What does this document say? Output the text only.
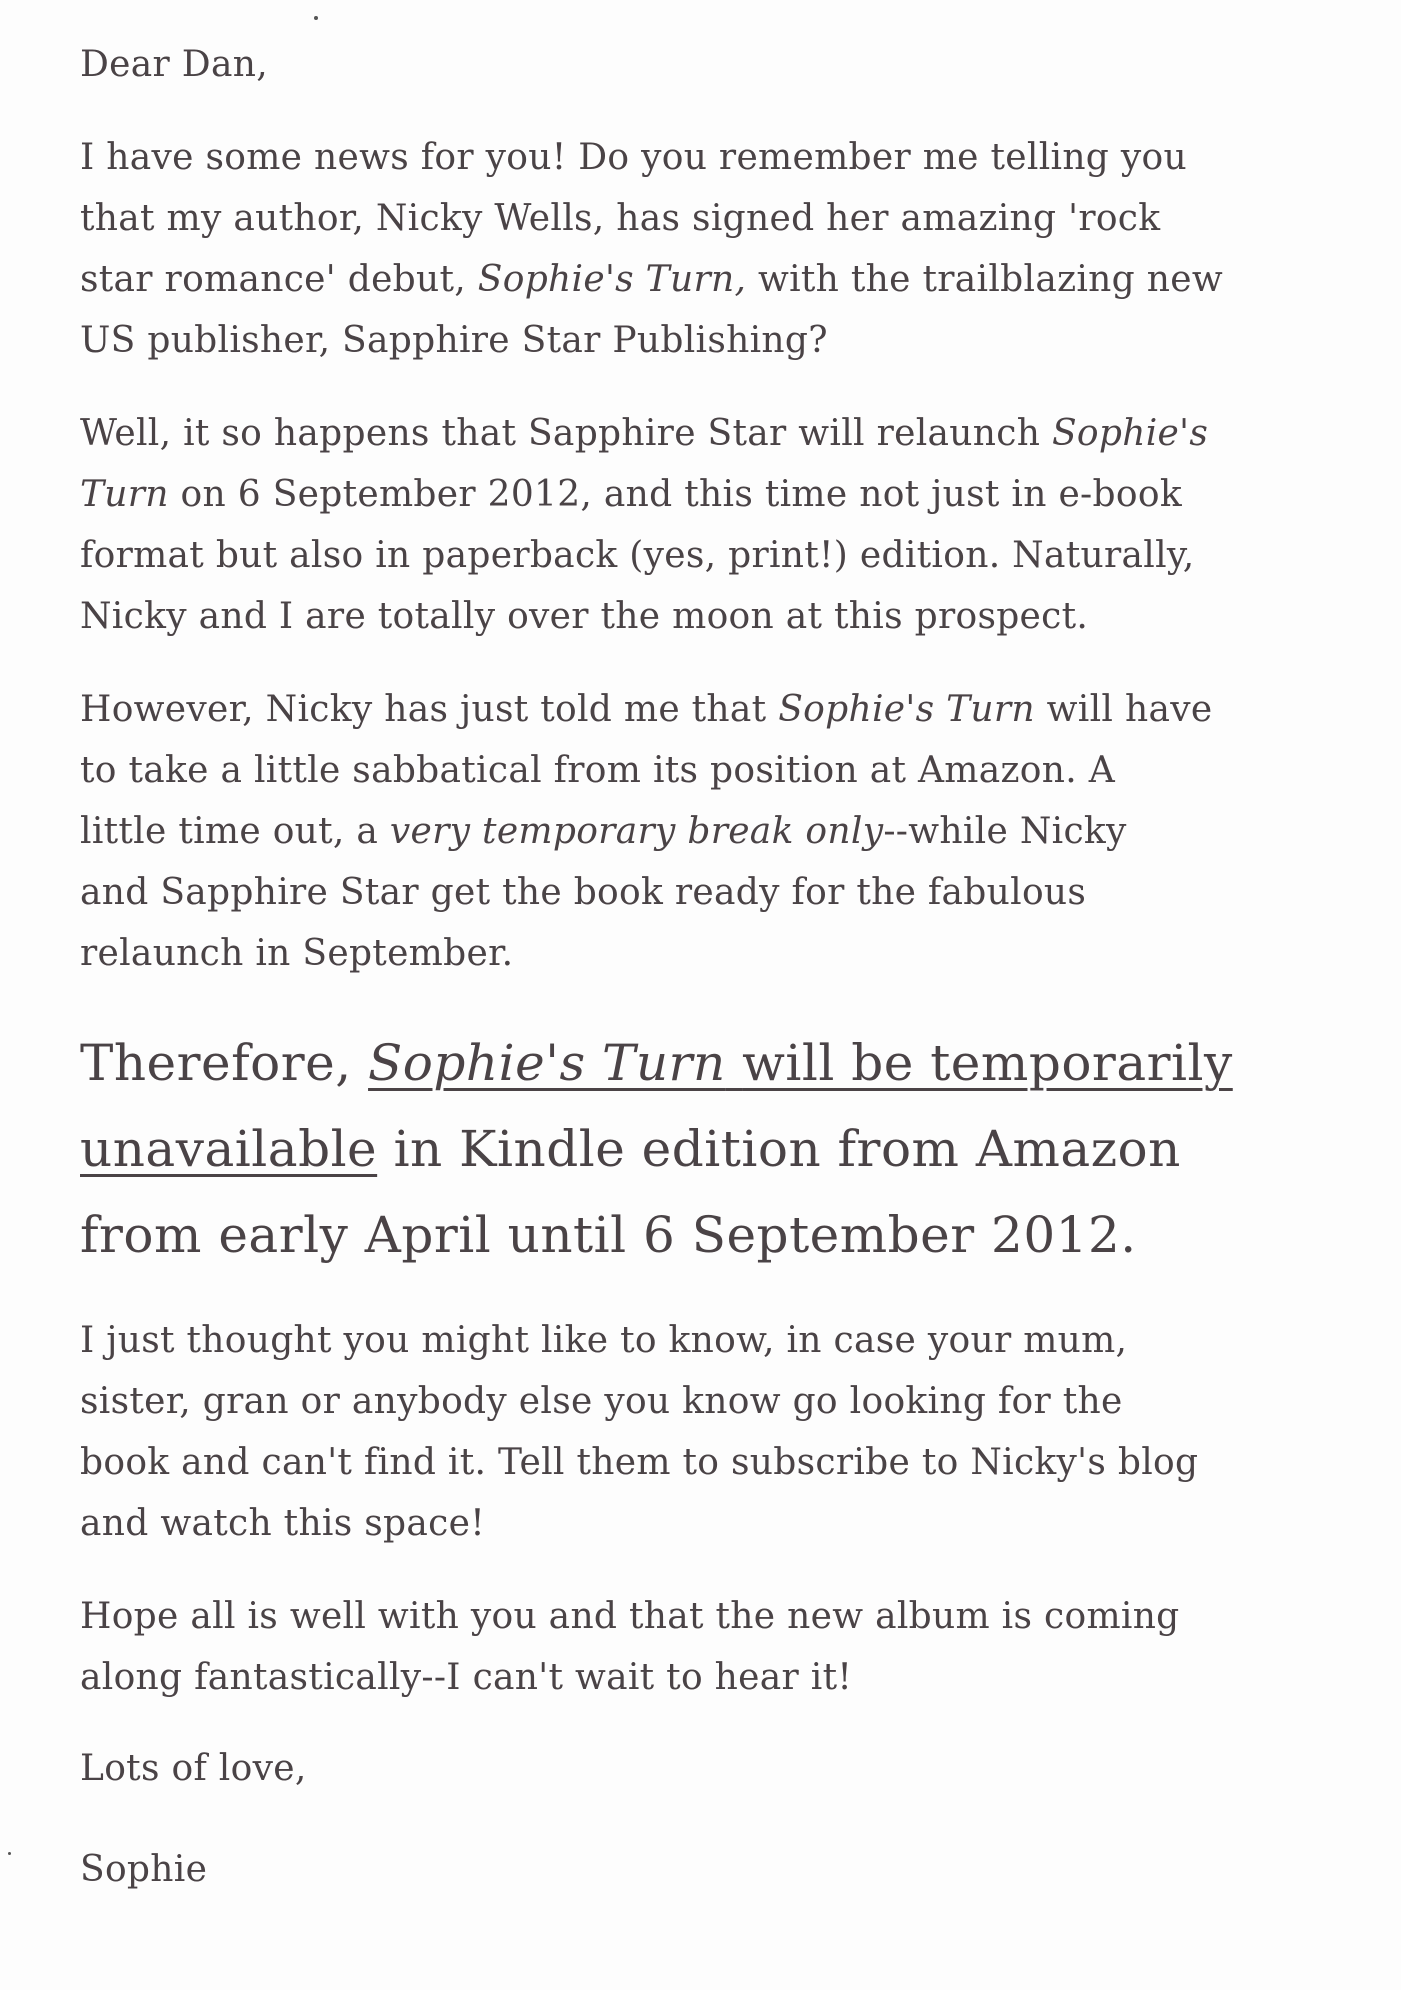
Dear Dan,

I have some news for you! Do you remember me telling you
that my author, Nicky Wells, has signed her amazing 'rock
star romance' debut, Sophie's Turn, with the trailblazing new
US publisher, Sapphire Star Publishing?
Well, it so happens that Sapphire Star will relaunch Sophie's
Turn on 6 September 2012, and this time not just in e-book
format but also in paperback (yes, print!) edition. Naturally,
Nicky and I are totally over the moon at this prospect.
However, Nicky has just told me that Sophie's Turn will have
to take a little sabbatical from its position at Amazon. A
little time out, a very temporary break only--while Nicky
and Sapphire Star get the book ready for the fabulous
relaunch in September.
Therefore, Sophie's Turn will be temporarily
unavailable in Kindle edition from Amazon
from early April until 6 September 2012.
I just thought you might like to know, in case your mum,
sister, gran or anybody else you know go looking for the
book and can't find it. Tell them to subscribe to Nicky's blog
and watch this space!
Hope all is well with you and that the new album is coming
along fantastically--I can't wait to hear it!

Lots of love,

Sophie
